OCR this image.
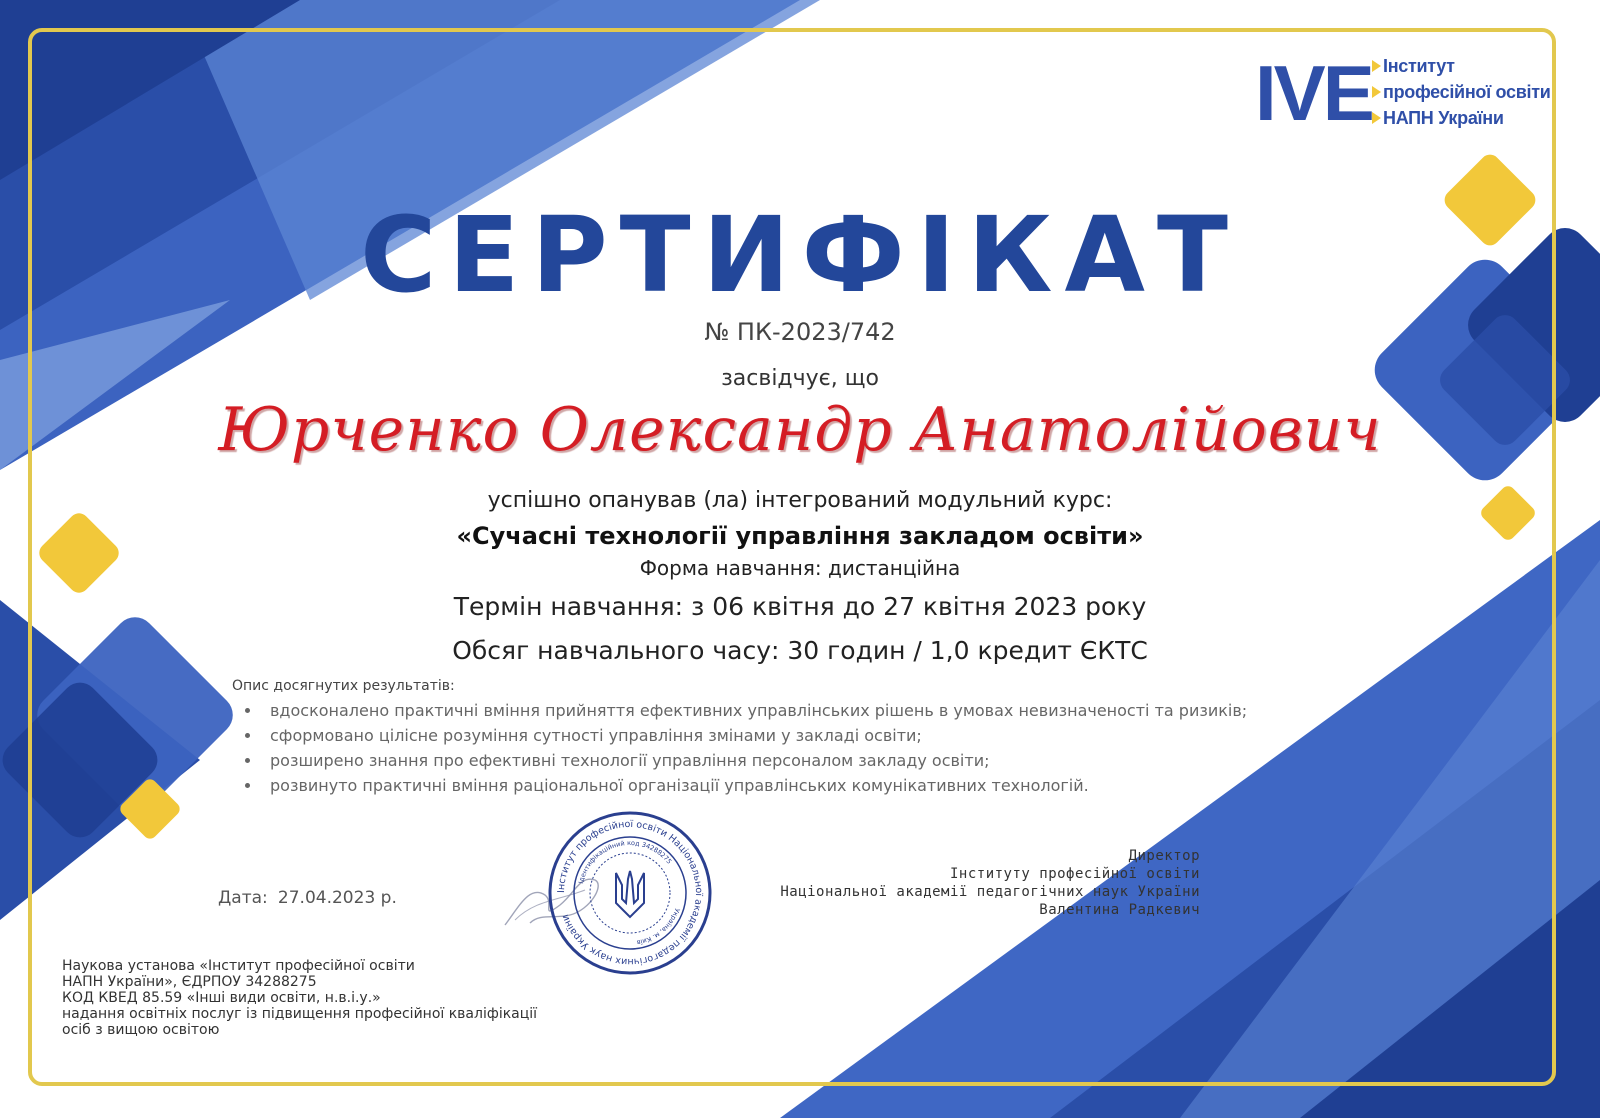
IVE Інститут
професійної освіти
НАПН України
СЕРТИФІКАТ
№ ПК-2023/742
засвідчує, що
Юрченко Олександр Анатолійович
успішно опанував (ла) інтегрований модульний курс:
«Сучасні технології управління закладом освіти»
Форма навчання: дистанційна
Термін навчання: з 06 квітня до 27 квітня 2023 року
Обсяг навчального часу: 30 годин / 1,0 кредит ЄКТС
Опис досягнутих результатів:
• вдосконалено практичні вміння прийняття ефективних управлінських рішень в умовах невизначеності та ризиків;
• сформовано цілісне розуміння сутності управління змінами у закладі освіти;
• розширено знання про ефективні технології управління персоналом закладу освіти;
• розвинуто практичні вміння раціональної організації управлінських комунікативних технологій.
Дата: 27.04.2023 р.	Інститут професійної освіти Національної академії педагогічних наук України
Ідентифікаційний код 34288275
Україна, м. Київ
Директор
Інституту професійної освіти
Національної академії педагогічних наук України
Валентина Радкевич
Наукова установа «Інститут професійної освіти
НАПН України», ЄДРПОУ 34288275
КОД КВЕД 85.59 «Інші види освіти, н.в.і.у.»
надання освітніх послуг із підвищення професійної кваліфікації
осіб з вищою освітою
